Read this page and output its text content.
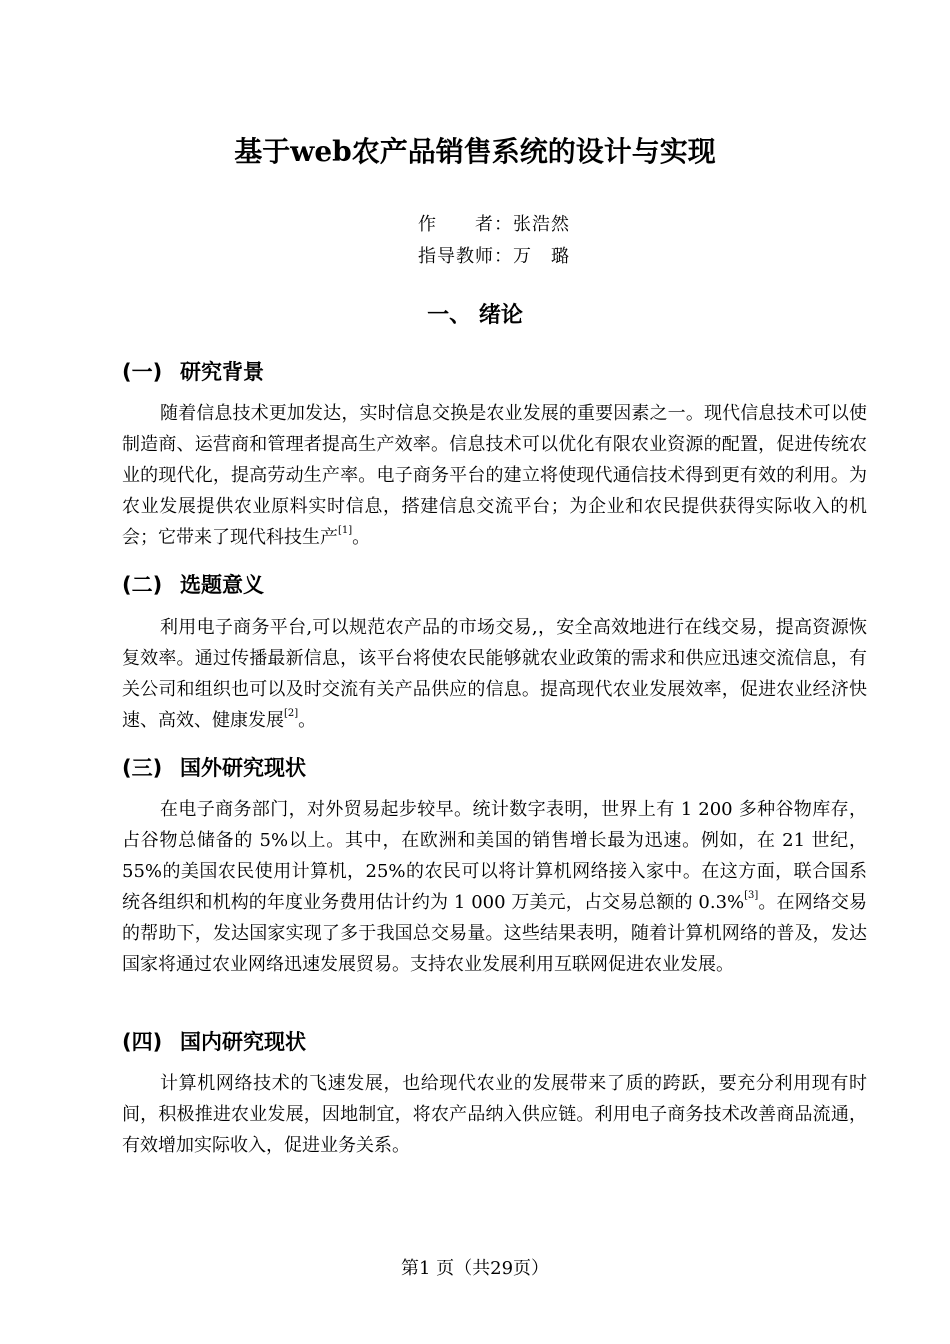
基于web农产品销售系统的设计与实现
作　　者：张浩然
指导教师：万　璐
一、 绪论
(一) 研究背景
随着信息技术更加发达，实时信息交换是农业发展的重要因素之一。现代信息技术可以使制造商、运营商和管理者提高生产效率。信息技术可以优化有限农业资源的配置，促进传统农业的现代化，提高劳动生产率。电子商务平台的建立将使现代通信技术得到更有效的利用。为农业发展提供农业原料实时信息，搭建信息交流平台；为企业和农民提供获得实际收入的机会；它带来了现代科技生产[1]。
(二) 选题意义
利用电子商务平台,可以规范农产品的市场交易,，安全高效地进行在线交易，提高资源恢复效率。通过传播最新信息，该平台将使农民能够就农业政策的需求和供应迅速交流信息，有关公司和组织也可以及时交流有关产品供应的信息。提高现代农业发展效率，促进农业经济快速、高效、健康发展[2]。
(三) 国外研究现状
在电子商务部门，对外贸易起步较早。统计数字表明，世界上有 1 200 多种谷物库存，占谷物总储备的 5%以上。其中，在欧洲和美国的销售增长最为迅速。例如，在 21 世纪，55%的美国农民使用计算机，25%的农民可以将计算机网络接入家中。在这方面，联合国系统各组织和机构的年度业务费用估计约为 1 000 万美元，占交易总额的 0.3%[3]。在网络交易的帮助下，发达国家实现了多于我国总交易量。这些结果表明，随着计算机网络的普及，发达国家将通过农业网络迅速发展贸易。支持农业发展利用互联网促进农业发展。
(四) 国内研究现状
计算机网络技术的飞速发展，也给现代农业的发展带来了质的跨跃，要充分利用现有时间，积极推进农业发展，因地制宜，将农产品纳入供应链。利用电子商务技术改善商品流通，有效增加实际收入，促进业务关系。
第1 页（共29页）
